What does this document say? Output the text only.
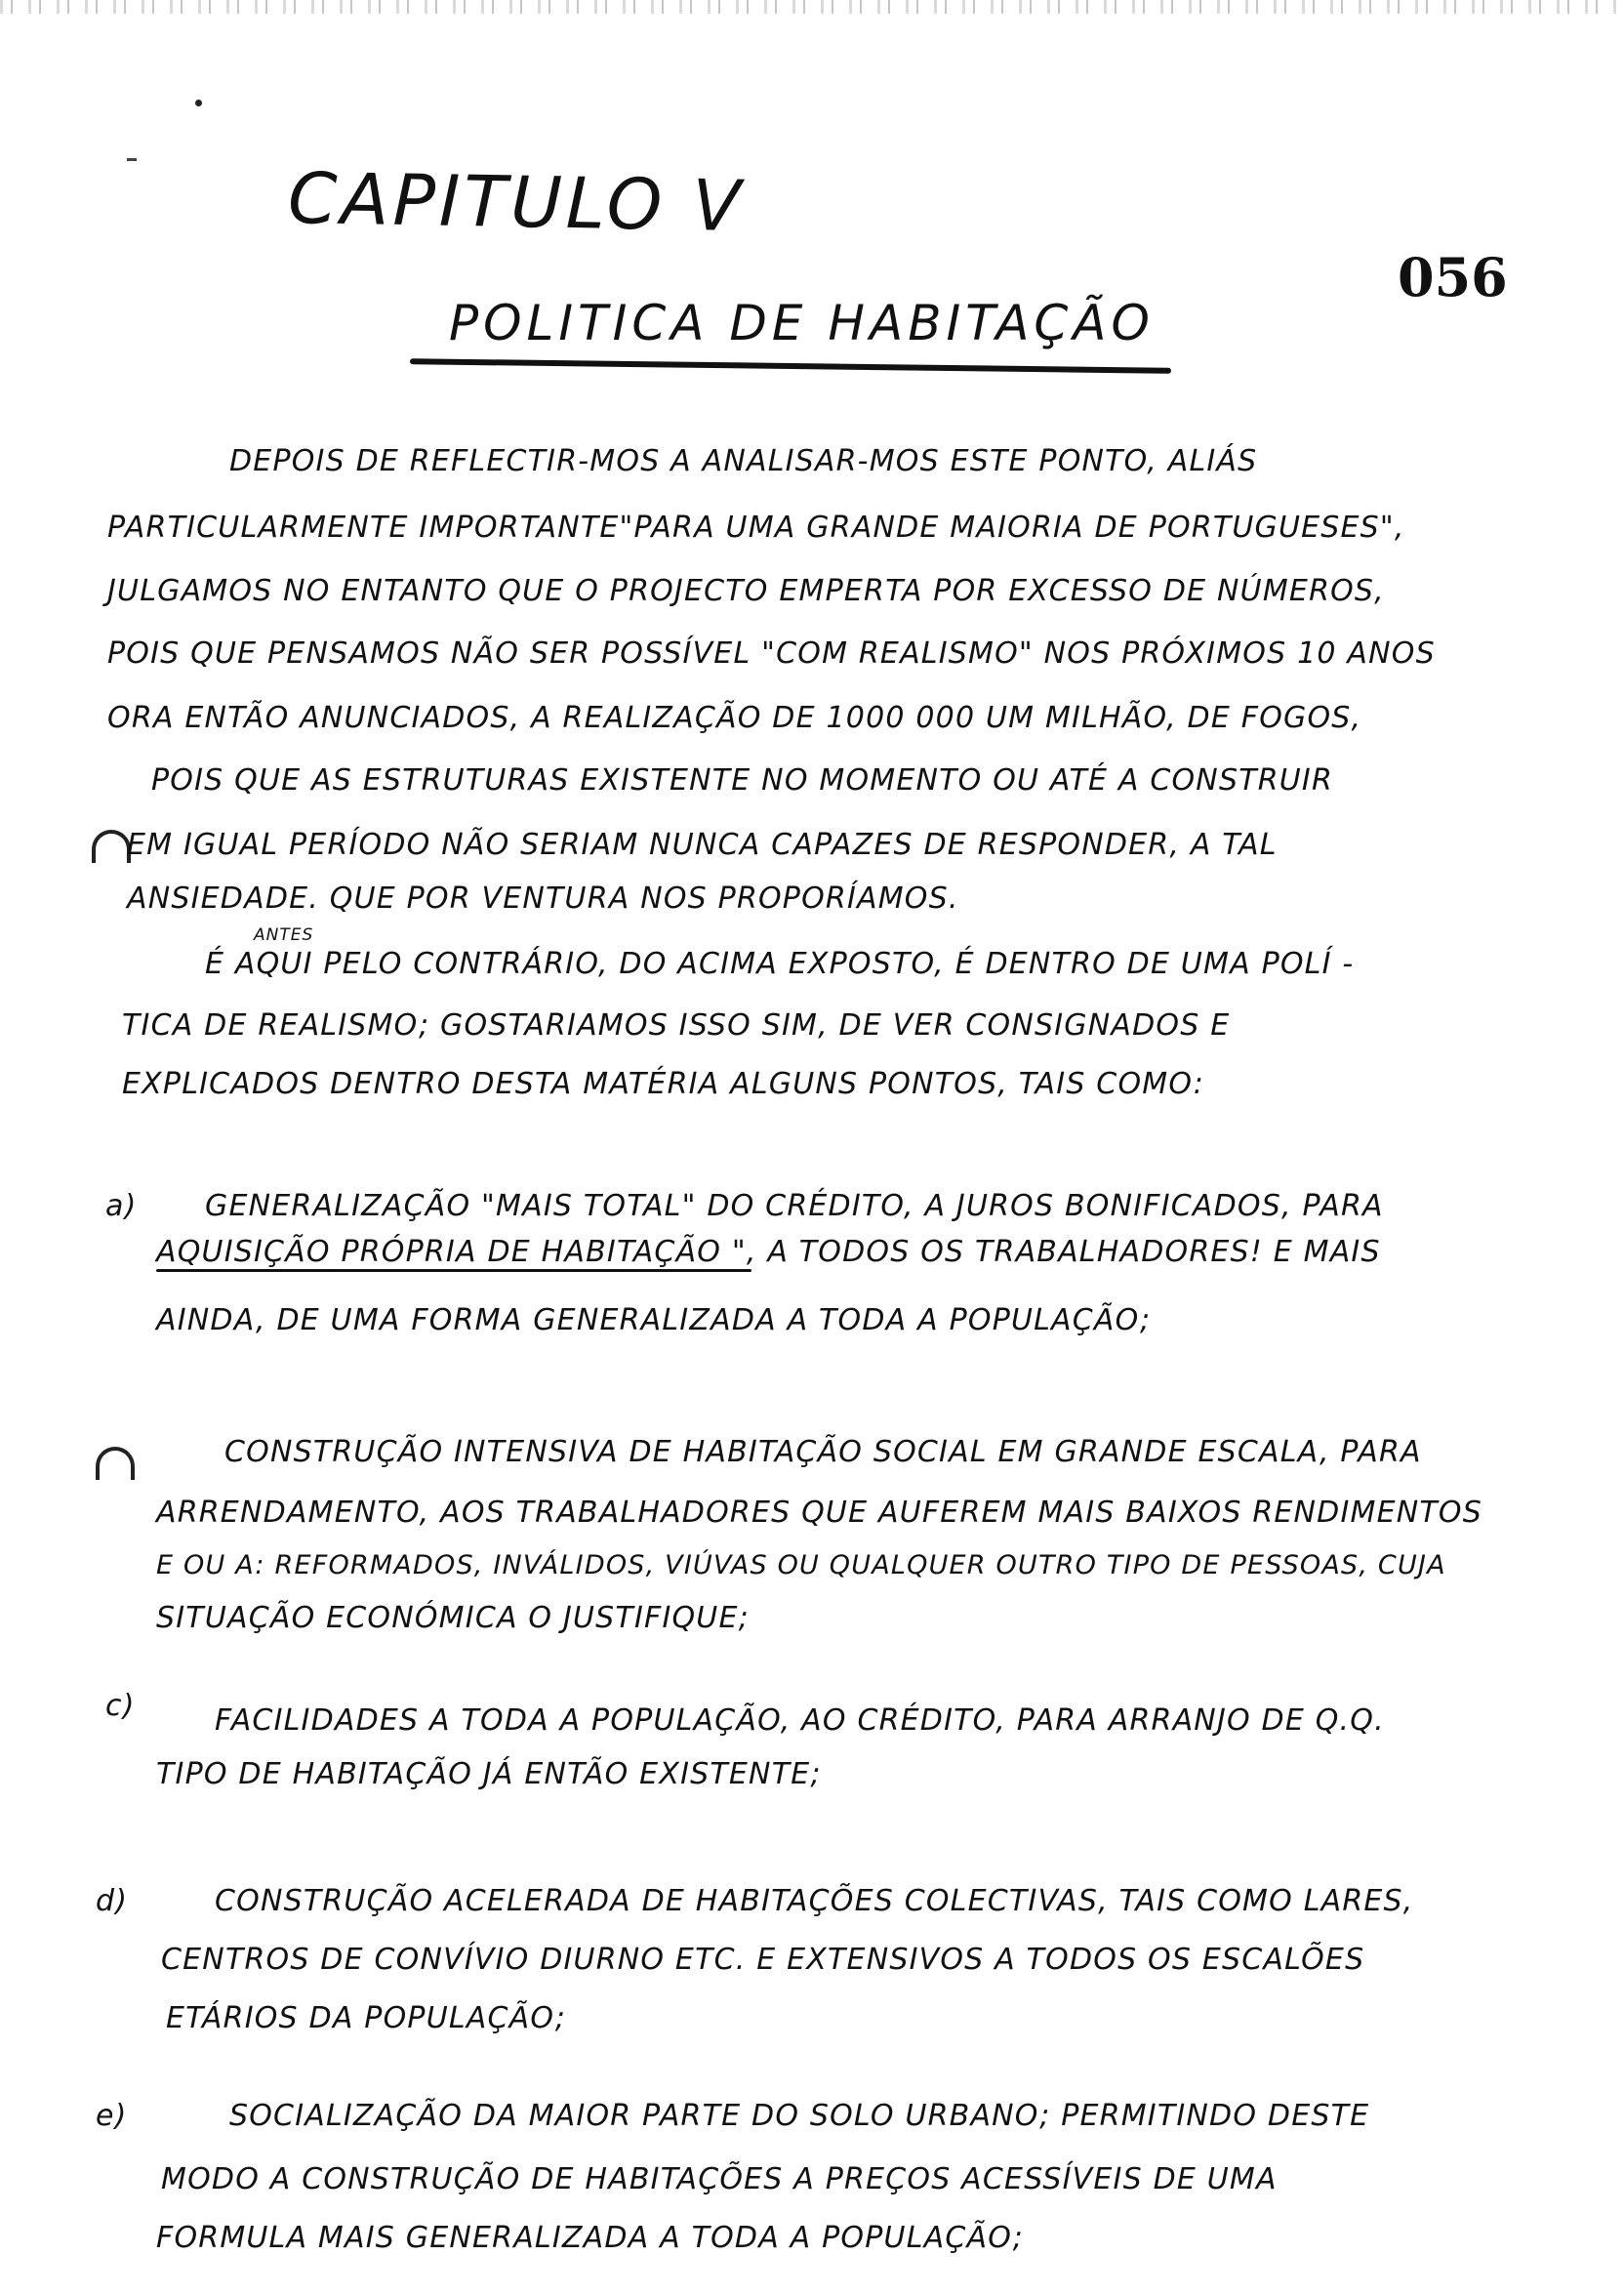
CAPITULO V
056
POLITICA DE HABITAÇÃO
DEPOIS DE REFLECTIR-MOS A ANALISAR-MOS ESTE PONTO, ALIÁS
PARTICULARMENTE IMPORTANTE"PARA UMA GRANDE MAIORIA DE PORTUGUESES",
JULGAMOS NO ENTANTO QUE O PROJECTO EMPERTA POR EXCESSO DE NÚMEROS,
POIS QUE PENSAMOS NÃO SER POSSÍVEL "COM REALISMO" NOS PRÓXIMOS 10 ANOS
ORA ENTÃO ANUNCIADOS, A REALIZAÇÃO DE 1000 000 UM MILHÃO, DE FOGOS,
POIS QUE AS ESTRUTURAS EXISTENTE NO MOMENTO OU ATÉ A CONSTRUIR
EM IGUAL PERÍODO NÃO SERIAM NUNCA CAPAZES DE RESPONDER, A TAL
ANSIEDADE. QUE POR VENTURA NOS PROPORÍAMOS.
ANTES
É AQUI PELO CONTRÁRIO, DO ACIMA EXPOSTO, É DENTRO DE UMA POLÍ -
TICA DE REALISMO; GOSTARIAMOS ISSO SIM, DE VER CONSIGNADOS E
EXPLICADOS DENTRO DESTA MATÉRIA ALGUNS PONTOS, TAIS COMO:
a) GENERALIZAÇÃO "MAIS TOTAL" DO CRÉDITO, A JUROS BONIFICADOS, PARA
AQUISIÇÃO PRÓPRIA DE HABITAÇÃO ", A TODOS OS TRABALHADORES! E MAIS
AINDA, DE UMA FORMA GENERALIZADA A TODA A POPULAÇÃO;
CONSTRUÇÃO INTENSIVA DE HABITAÇÃO SOCIAL EM GRANDE ESCALA, PARA
ARRENDAMENTO, AOS TRABALHADORES QUE AUFEREM MAIS BAIXOS RENDIMENTOS
E OU A: REFORMADOS, INVÁLIDOS, VIÚVAS OU QUALQUER OUTRO TIPO DE PESSOAS, CUJA
SITUAÇÃO ECONÓMICA O JUSTIFIQUE;
c)	FACILIDADES A TODA A POPULAÇÃO, AO CRÉDITO, PARA ARRANJO DE Q.Q.
TIPO DE HABITAÇÃO JÁ ENTÃO EXISTENTE;
d)	CONSTRUÇÃO ACELERADA DE HABITAÇÕES COLECTIVAS, TAIS COMO LARES,
CENTROS DE CONVÍVIO DIURNO ETC. E EXTENSIVOS A TODOS OS ESCALÕES
ETÁRIOS DA POPULAÇÃO;
e)	SOCIALIZAÇÃO DA MAIOR PARTE DO SOLO URBANO; PERMITINDO DESTE
MODO A CONSTRUÇÃO DE HABITAÇÕES A PREÇOS ACESSÍVEIS DE UMA
FORMULA MAIS GENERALIZADA A TODA A POPULAÇÃO;
